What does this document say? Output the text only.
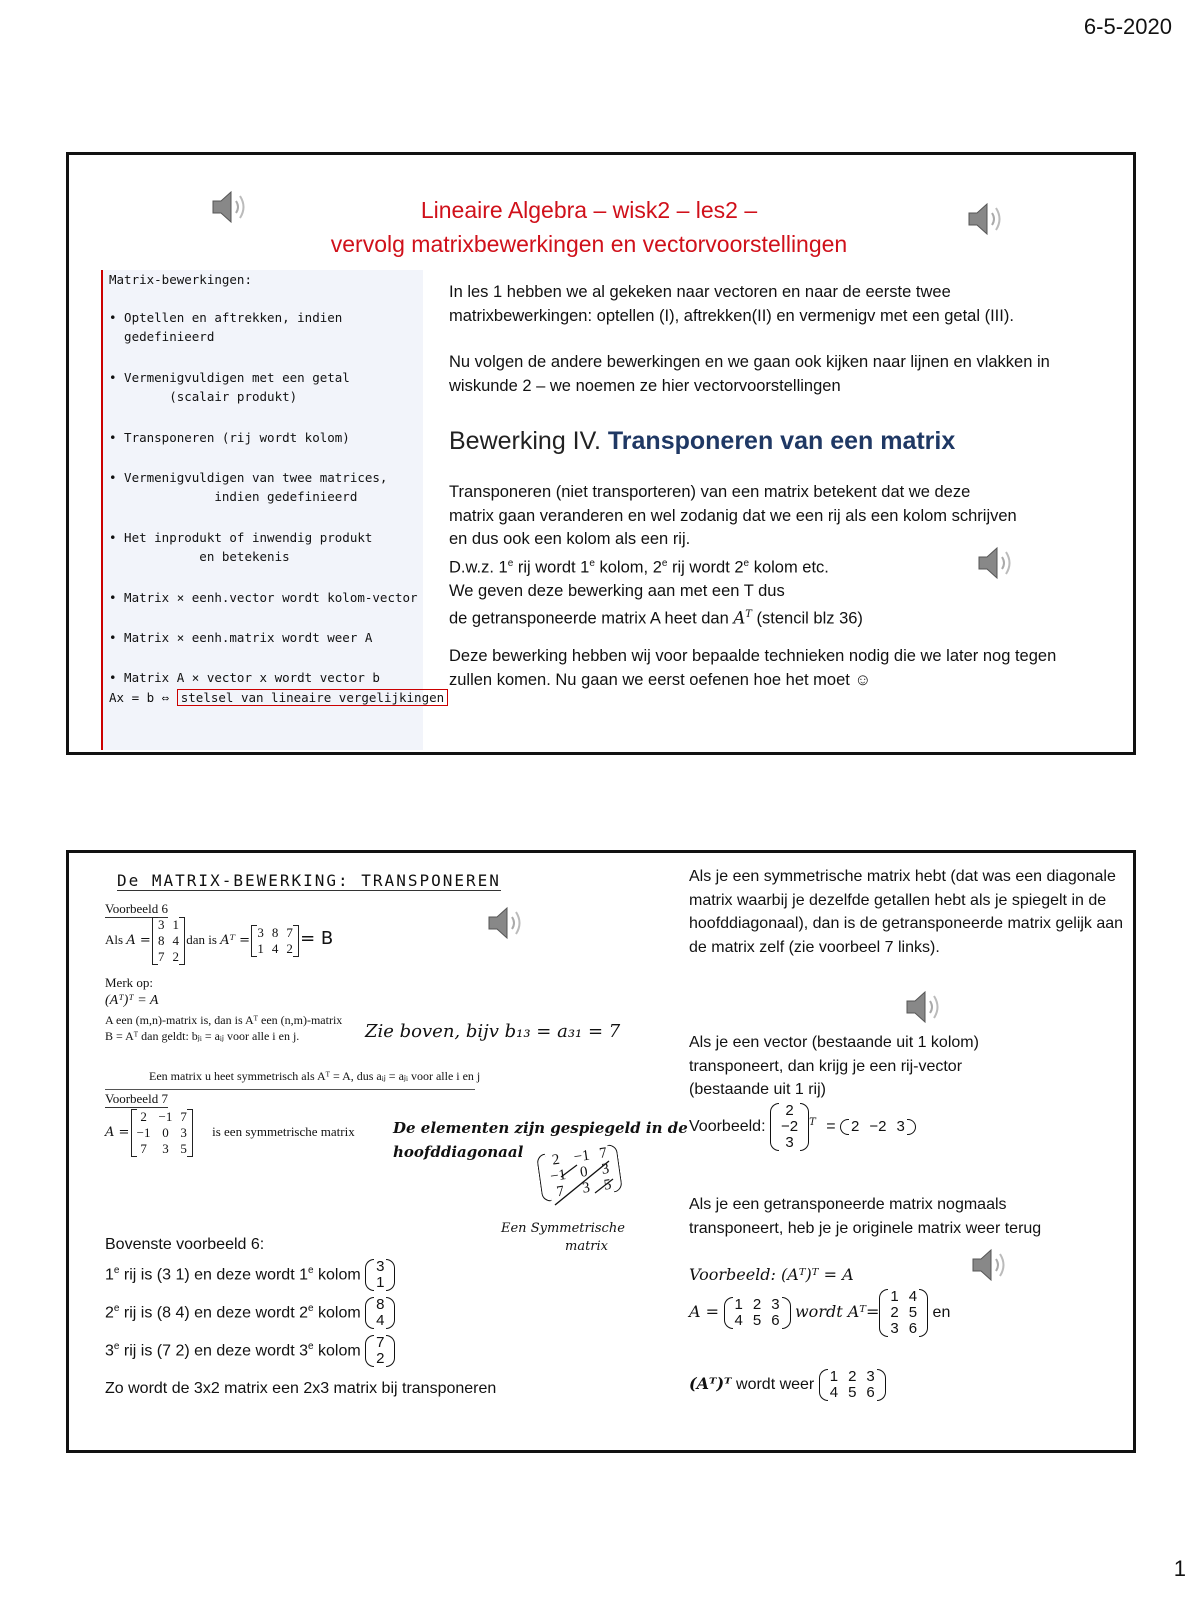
6-5-2020
1
Lineaire Algebra – wisk2 – les2 –
vervolg matrixbewerkingen en vectorvoorstellingen
Matrix-bewerkingen:
• Optellen en aftrekken, indien
gedefinieerd
• Vermenigvuldigen met een getal
(scalair produkt)
• Transponeren (rij wordt kolom)
• Vermenigvuldigen van twee matrices,
indien gedefinieerd
• Het inprodukt of inwendig produkt
en betekenis
• Matrix × eenh.vector wordt kolom-vector
• Matrix × eenh.matrix wordt weer A
• Matrix A × vector x wordt vector b
Ax = b ⇔ stelsel van lineaire vergelijkingen

In les 1 hebben we al gekeken naar vectoren en naar de eerste twee matrixbewerkingen: optellen (I), aftrekken(II) en vermenigv met een getal (III).

Nu volgen de andere bewerkingen en we gaan ook kijken naar lijnen en vlakken in wiskunde 2 – we noemen ze hier vectorvoorstellingen

Bewerking IV. Transponeren van een matrix

Transponeren (niet transporteren) van een matrix betekent dat we deze

matrix gaan veranderen en wel zodanig dat we een rij als een kolom schrijven

en dus ook een kolom als een rij.

D.w.z. 1e rij wordt 1e kolom, 2e rij wordt 2e kolom etc.

We geven deze bewerking aan met een T dus

de getransponeerde matrix A heet dan $A^T$ (stencil blz 36)

Deze bewerking hebben wij voor bepaalde technieken nodig die we later nog tegen zullen komen. Nu gaan we eerst oefenen hoe het moet ☺

De MATRIX-BEWERKING: TRANSPONEREN
Voorbeeld 6
Als A =
3	1
8	4
7	2
dan is Aᵀ =
3	8	7
1	4	2 = B
Merk op:
(Aᵀ)ᵀ = A
A een (m,n)-matrix is, dan is Aᵀ een (n,m)-matrix
B = Aᵀ dan geldt: bⱼᵢ = aᵢⱼ voor alle i en j.	Zie boven, bijv b₁₃ = a₃₁ = 7
Een matrix u heet symmetrisch als Aᵀ = A, dus aᵢⱼ = aⱼᵢ voor alle i en j
Voorbeeld 7
A =
2	−1	7
−1	0	3
7	3	5
is een symmetrische matrix	De elementen zijn gespiegeld in de
hoofddiagonaal 2	−1	7
−1	0	3
7	3	5
Een Symmetrische
matrix
Bovenste voorbeeld 6:
1e rij is (3 1) en deze wordt 1e kolom 3
1
2e rij is (8 4) en deze wordt 2e kolom 8
4
3e rij is (7 2) en deze wordt 3e kolom 7
2
Zo wordt de 3x2 matrix een 2x3 matrix bij transponeren

Als je een symmetrische matrix hebt (dat was een diagonale matrix waarbij je dezelfde getallen hebt als je spiegelt in de hoofddiagonaal), dan is de getransponeerde matrix gelijk aan de matrix zelf (zie voorbeel 7 links).

Als je een vector (bestaande uit 1 kolom) transponeert, dan krijg je een rij-vector (bestaande uit 1 rij)

Voorbeeld:
2
−2
3
$^T$ = 2	−2	3

Als je een getransponeerde matrix nogmaals transponeert, heb je je originele matrix weer terug

Voorbeeld: (Aᵀ)ᵀ = A
A = 1	2	3
4	5	6 wordt Aᵀ=
1	4
2	5
3	6
en
(Aᵀ)ᵀ wordt weer 1	2	3
4	5	6
